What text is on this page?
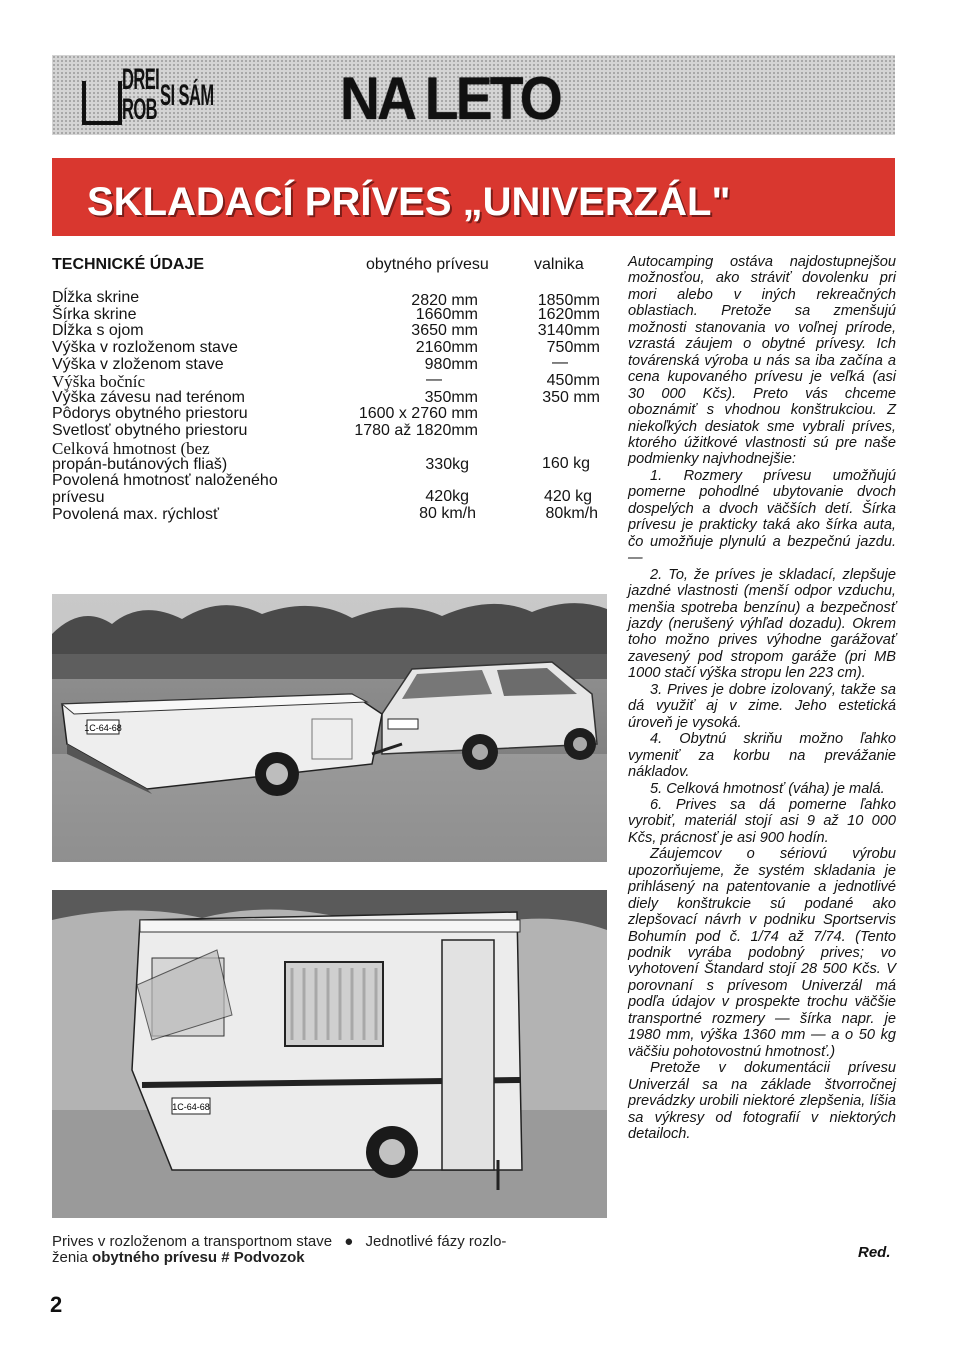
DREI
ROB SI SÁM NA LETO
SKLADACÍ PRÍVES „UNIVERZÁL"
TECHNICKÉ ÚDAJE	obytného prívesu	valnika
Dĺžka skrine
Šírka skrine
Dĺžka s ojom
Výška v rozloženom stave
Výška v zloženom stave
Výška bočníc
Výška závesu nad terénom
Pôdorys obytného priestoru
Svetlosť obytného priestoru
Celková hmotnost (bez
propán-butánových fliaš)
Povolená hmotnosť naloženého
prívesu
Povolená max. rýchlosť
2820 mm
1660mm
3650 mm
2160mm
980mm
—
350mm
1600 x 2760 mm
1780 až 1820mm
330kg
420kg
80 km/h
1850mm
1620mm
3140mm
750mm
—
450mm
350 mm
160 kg
420 kg
80km/h
1C-64-68
1C-64-68
Prives v rozloženom a transportnom stave ● Jednotlivé fázy rozlo-
ženia obytného prívesu # Podvozok

Autocamping ostáva najdostupnejšou možnosťou, ako stráviť dovolenku pri mori alebo v iných rekreačných oblastiach. Pretože sa zmenšujú možnosti stanovania vo voľnej prírode, vzrastá záujem o obytné prívesy. Ich továrenská výroba u nás sa iba začína a cena kupovaného prívesu je veľká (asi 30 000 Kčs). Preto vás chceme oboznámiť s vhodnou konštrukciou. Z niekoľkých desiatok sme vybrali príves, ktorého úžitkové vlastnosti sú pre naše podmienky najvhodnejšie:

1. Rozmery prívesu umožňujú pomerne pohodlné ubytovanie dvoch dospelých a dvoch väčších detí. Šírka prívesu je prakticky taká ako šírka auta, čo umožňuje plynulú a bezpečnú jazdu. —

2. To, že príves je skladací, zlepšuje jazdné vlastnosti (menší odpor vzduchu, menšia spotreba benzínu) a bezpečnosť jazdy (nerušený výhľad dozadu). Okrem toho možno prives výhodne garážovať zavesený pod stropom garáže (pri MB 1000 stačí výška stropu len 223 cm).

3. Prives je dobre izolovaný, takže sa dá využiť aj v zime. Jeho estetická úroveň je vysoká.

4. Obytnú skriňu možno ľahko vymeniť za korbu na prevážanie nákladov.

5. Celková hmotnosť (váha) je malá.

6. Prives sa dá pomerne ľahko vyrobiť, materiál stojí asi 9 až 10 000 Kčs, prácnosť je asi 900 hodín.

Záujemcov o sériovú výrobu upozorňujeme, že systém skladania je prihlásený na patentovanie a jednotlivé diely konštrukcie sú podané ako zlepšovací návrh v podniku Sportservis Bohumín pod č. 1/74 až 7/74. (Tento podnik vyrába podobný prives; vo vyhotovení Štandard stojí 28 500 Kčs. V porovnaní s prívesom Univerzál má podľa údajov v prospekte trochu väčšie transportné rozmery — šírka napr. je 1980 mm, výška 1360 mm — a o 50 kg väčšiu pohotovostnú hmotnosť.)

Pretože v dokumentácii prívesu Univerzál sa na základe štvorročnej prevádzky urobili niektoré zlepšenia, líšia sa výkresy od fotografií v niektorých detailoch.

Red.
2
